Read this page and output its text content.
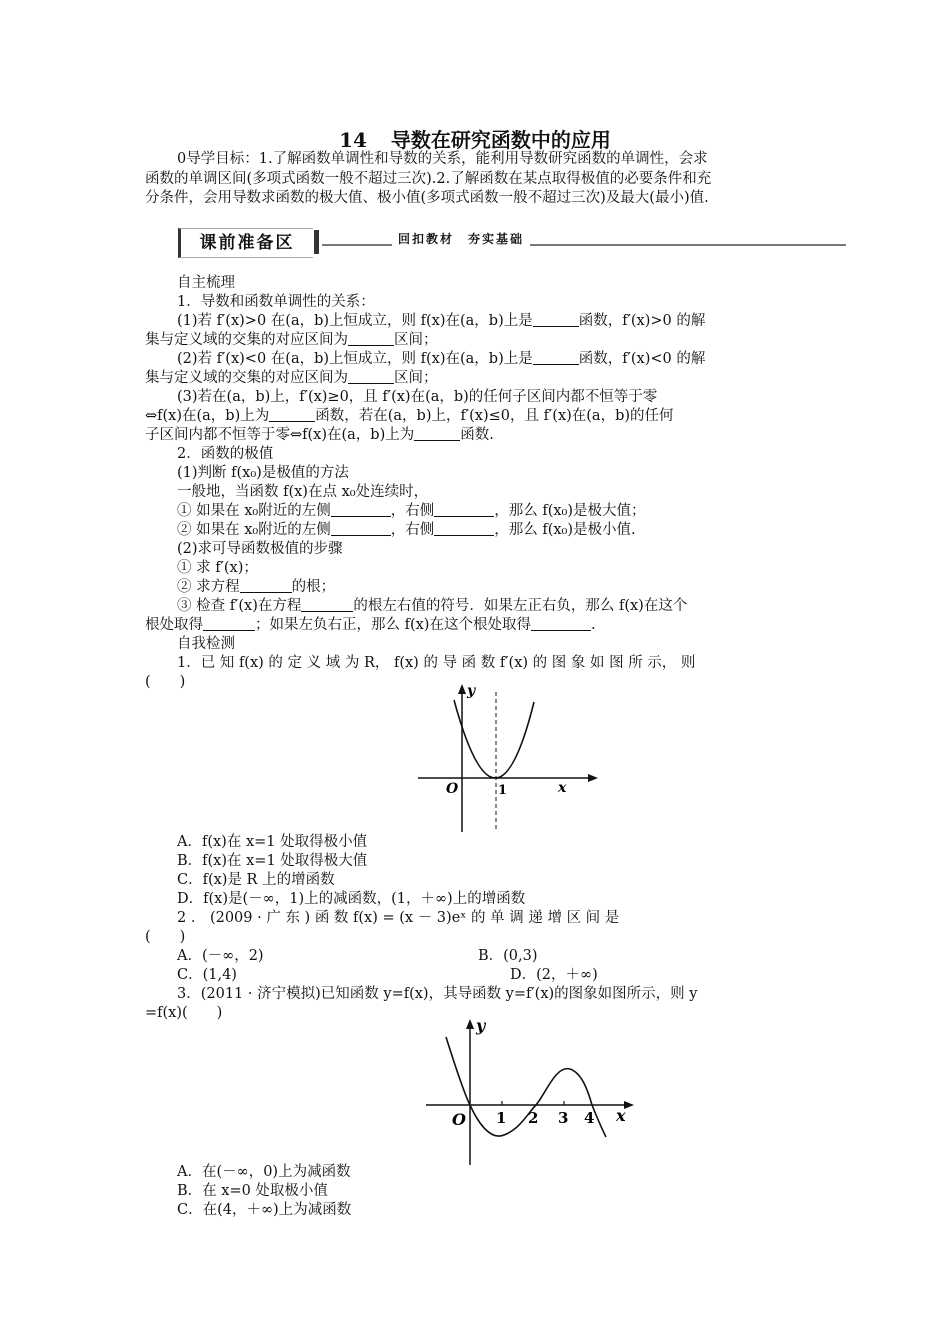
14 导数在研究函数中的应用
0导学目标：1.了解函数单调性和导数的关系，能利用导数研究函数的单调性，会求
函数的单调区间(多项式函数一般不超过三次).2.了解函数在某点取得极值的必要条件和充
分条件，会用导数求函数的极大值、极小值(多项式函数一般不超过三次)及最大(最小)值.
课前准备区	回扣教材　夯实基础
自主梳理
1．导数和函数单调性的关系：
(1)若 f′(x)>0 在(a，b)上恒成立，则 f(x)在(a，b)上是	函数，f′(x)>0 的解
集与定义域的交集的对应区间为	区间；
(2)若 f′(x)<0 在(a，b)上恒成立，则 f(x)在(a，b)上是	函数，f′(x)<0 的解
集与定义域的交集的对应区间为	区间；
(3)若在(a，b)上，f′(x)≥0，且 f′(x)在(a，b)的任何子区间内都不恒等于零
⇔f(x)在(a，b)上为	函数，若在(a，b)上，f′(x)≤0，且 f′(x)在(a，b)的任何
子区间内都不恒等于零⇔f(x)在(a，b)上为	函数.
2．函数的极值
(1)判断 f(x₀)是极值的方法
一般地，当函数 f(x)在点 x₀处连续时，
① 如果在 x₀附近的左侧	，右侧	，那么 f(x₀)是极大值；
② 如果在 x₀附近的左侧	，右侧	，那么 f(x₀)是极小值.
(2)求可导函数极值的步骤
① 求 f′(x)；
② 求方程	的根；
③ 检查 f′(x)在方程	的根左右值的符号．如果左正右负，那么 f(x)在这个
根处取得	；如果左负右正，那么 f(x)在这个根处取得	.
自我检测
1．已 知 f(x) 的 定 义 域 为 R， f(x) 的 导 函 数 f′(x) 的 图 象 如 图 所 示， 则
(　　)
y
x
O	1
A．f(x)在 x=1 处取得极小值
B．f(x)在 x=1 处取得极大值
C．f(x)是 R 上的增函数
D．f(x)是(－∞，1)上的减函数，(1，＋∞)上的增函数
2 ． (2009 · 广 东 ) 函 数 f(x) = (x － 3)eˣ 的 单 调 递 增 区 间 是
(　　)
A．(－∞，2)	B．(0,3)
C．(1,4)	D．(2，＋∞)
3．(2011 · 济宁模拟)已知函数 y=f(x)，其导函数 y=f′(x)的图象如图所示，则 y
=f(x)(　　)
y
x
O 1 2 3 4
A．在(－∞，0)上为减函数
B．在 x=0 处取极小值
C．在(4，＋∞)上为减函数
